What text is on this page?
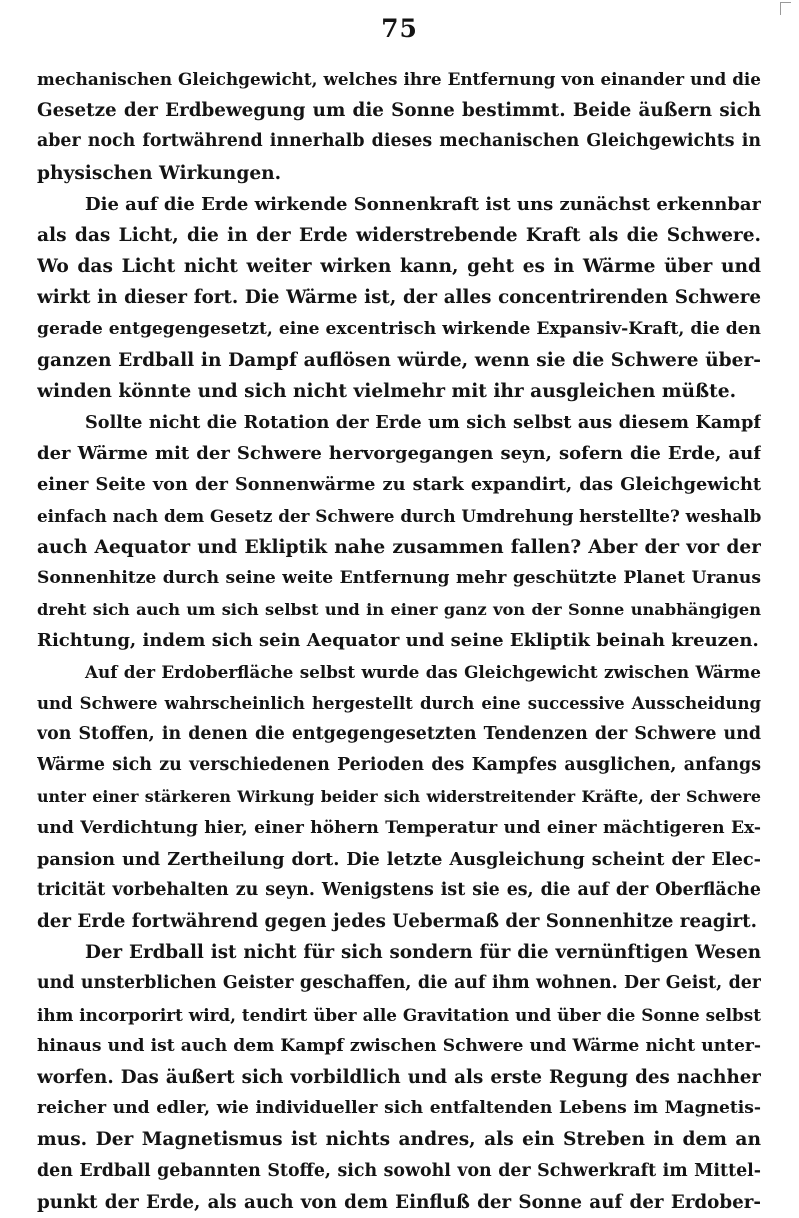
75
mechanischen Gleichgewicht, welches ihre Entfernung von einander und die
Gesetze der Erdbewegung um die Sonne bestimmt. Beide äußern sich
aber noch fortwährend innerhalb dieses mechanischen Gleichgewichts in
physischen Wirkungen.
Die auf die Erde wirkende Sonnenkraft ist uns zunächst erkennbar
als das Licht, die in der Erde widerstrebende Kraft als die Schwere.
Wo das Licht nicht weiter wirken kann, geht es in Wärme über und
wirkt in dieser fort. Die Wärme ist, der alles concentrirenden Schwere
gerade entgegengesetzt, eine excentrisch wirkende Expansiv-Kraft, die den
ganzen Erdball in Dampf auflösen würde, wenn sie die Schwere über-
winden könnte und sich nicht vielmehr mit ihr ausgleichen müßte.
Sollte nicht die Rotation der Erde um sich selbst aus diesem Kampf
der Wärme mit der Schwere hervorgegangen seyn, sofern die Erde, auf
einer Seite von der Sonnenwärme zu stark expandirt, das Gleichgewicht
einfach nach dem Gesetz der Schwere durch Umdrehung herstellte? weshalb
auch Aequator und Ekliptik nahe zusammen fallen? Aber der vor der
Sonnenhitze durch seine weite Entfernung mehr geschützte Planet Uranus
dreht sich auch um sich selbst und in einer ganz von der Sonne unabhängigen
Richtung, indem sich sein Aequator und seine Ekliptik beinah kreuzen.
Auf der Erdoberfläche selbst wurde das Gleichgewicht zwischen Wärme
und Schwere wahrscheinlich hergestellt durch eine successive Ausscheidung
von Stoffen, in denen die entgegengesetzten Tendenzen der Schwere und
Wärme sich zu verschiedenen Perioden des Kampfes ausglichen, anfangs
unter einer stärkeren Wirkung beider sich widerstreitender Kräfte, der Schwere
und Verdichtung hier, einer höhern Temperatur und einer mächtigeren Ex-
pansion und Zertheilung dort. Die letzte Ausgleichung scheint der Elec-
tricität vorbehalten zu seyn. Wenigstens ist sie es, die auf der Oberfläche
der Erde fortwährend gegen jedes Uebermaß der Sonnenhitze reagirt.
Der Erdball ist nicht für sich sondern für die vernünftigen Wesen
und unsterblichen Geister geschaffen, die auf ihm wohnen. Der Geist, der
ihm incorporirt wird, tendirt über alle Gravitation und über die Sonne selbst
hinaus und ist auch dem Kampf zwischen Schwere und Wärme nicht unter-
worfen. Das äußert sich vorbildlich und als erste Regung des nachher
reicher und edler, wie individueller sich entfaltenden Lebens im Magnetis-
mus. Der Magnetismus ist nichts andres, als ein Streben in dem an
den Erdball gebannten Stoffe, sich sowohl von der Schwerkraft im Mittel-
punkt der Erde, als auch von dem Einfluß der Sonne auf der Erdober-
